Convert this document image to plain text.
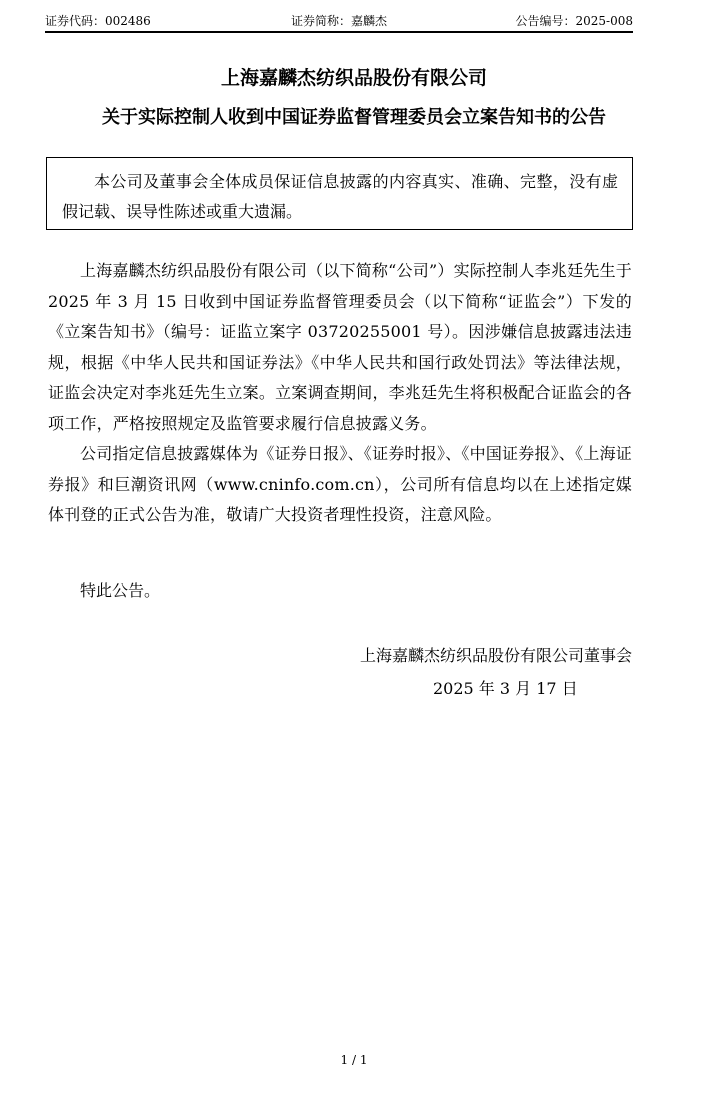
证券代码：002486	证券简称：嘉麟杰	公告编号：2025-008
上海嘉麟杰纺织品股份有限公司
关于实际控制人收到中国证券监督管理委员会立案告知书的公告
本公司及董事会全体成员保证信息披露的内容真实、准确、完整，没有虚假记载、误导性陈述或重大遗漏。

上海嘉麟杰纺织品股份有限公司（以下简称“公司”）实际控制人李兆廷先生于 2025 年 3 月 15 日收到中国证券监督管理委员会（以下简称“证监会”）下发的《立案告知书》（编号：证监立案字 03720255001 号）。因涉嫌信息披露违法违规，根据《中华人民共和国证券法》《中华人民共和国行政处罚法》等法律法规，证监会决定对李兆廷先生立案。立案调查期间，李兆廷先生将积极配合证监会的各项工作，严格按照规定及监管要求履行信息披露义务。

公司指定信息披露媒体为《证券日报》、《证券时报》、《中国证券报》、《上海证券报》和巨潮资讯网（www.cninfo.com.cn），公司所有信息均以在上述指定媒体刊登的正式公告为准，敬请广大投资者理性投资，注意风险。

特此公告。
上海嘉麟杰纺织品股份有限公司董事会
2025 年 3 月 17 日
1 / 1
